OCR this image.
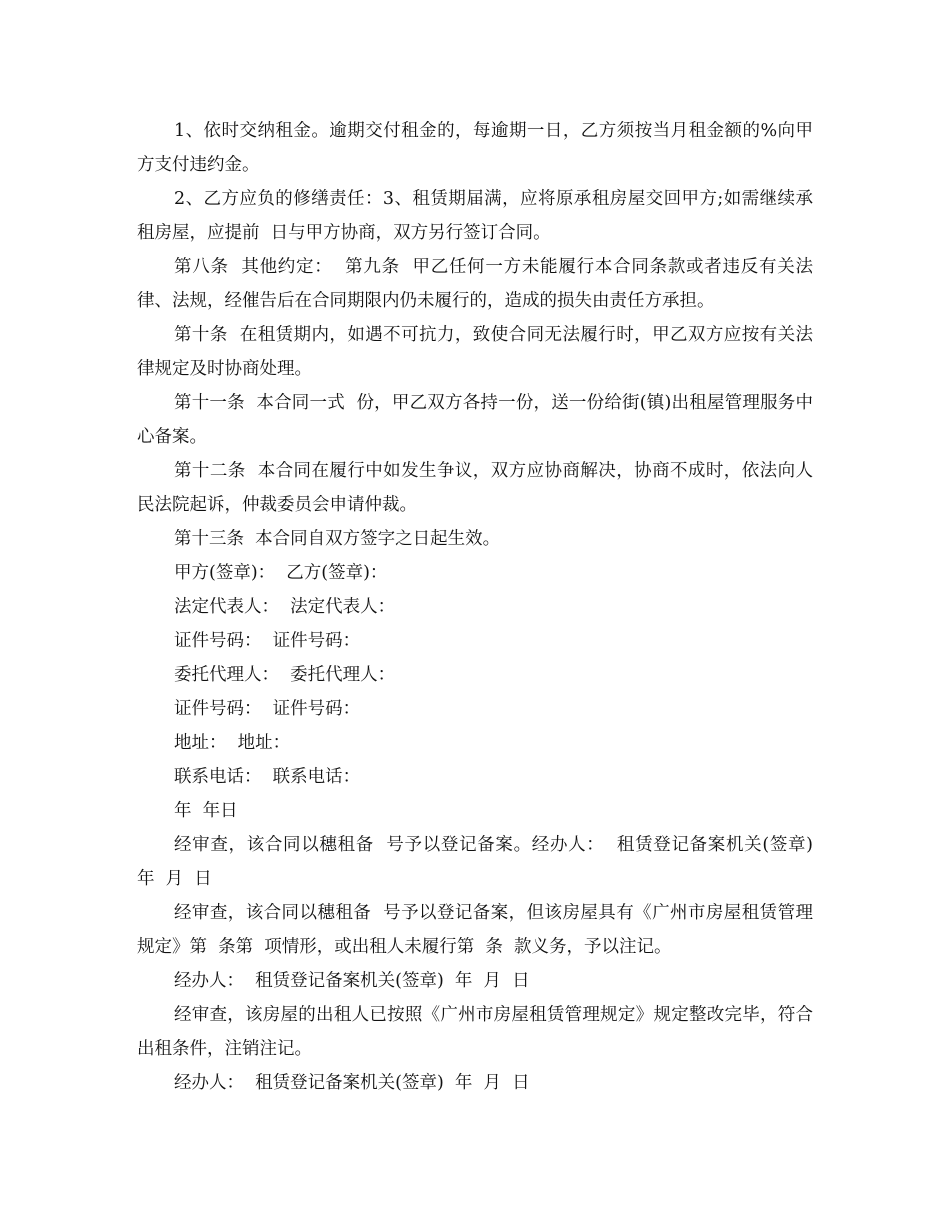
1、依时交纳租金。逾期交付租金的，每逾期一日，乙方须按当月租金额的%向甲方支付违约金。

2、乙方应负的修缮责任：3、租赁期届满，应将原承租房屋交回甲方;如需继续承租房屋，应提前  日与甲方协商，双方另行签订合同。

第八条  其他约定：  第九条  甲乙任何一方未能履行本合同条款或者违反有关法律、法规，经催告后在合同期限内仍未履行的，造成的损失由责任方承担。

第十条  在租赁期内，如遇不可抗力，致使合同无法履行时，甲乙双方应按有关法律规定及时协商处理。

第十一条  本合同一式  份，甲乙双方各持一份，送一份给街(镇)出租屋管理服务中心备案。

第十二条  本合同在履行中如发生争议，双方应协商解决，协商不成时，依法向人民法院起诉，仲裁委员会申请仲裁。

第十三条  本合同自双方签字之日起生效。

甲方(签章)：  乙方(签章)：

法定代表人：  法定代表人：

证件号码：  证件号码：

委托代理人：  委托代理人：

证件号码：  证件号码：

地址：  地址：

联系电话：  联系电话：

年  年日

经审查，该合同以穗租备  号予以登记备案。经办人：  租赁登记备案机关(签章)  年  月  日

经审查，该合同以穗租备  号予以登记备案，但该房屋具有《广州市房屋租赁管理规定》第  条第  项情形，或出租人未履行第  条  款义务，予以注记。

经办人：  租赁登记备案机关(签章)  年  月  日

经审查，该房屋的出租人已按照《广州市房屋租赁管理规定》规定整改完毕，符合出租条件，注销注记。

经办人：  租赁登记备案机关(签章)  年  月  日
